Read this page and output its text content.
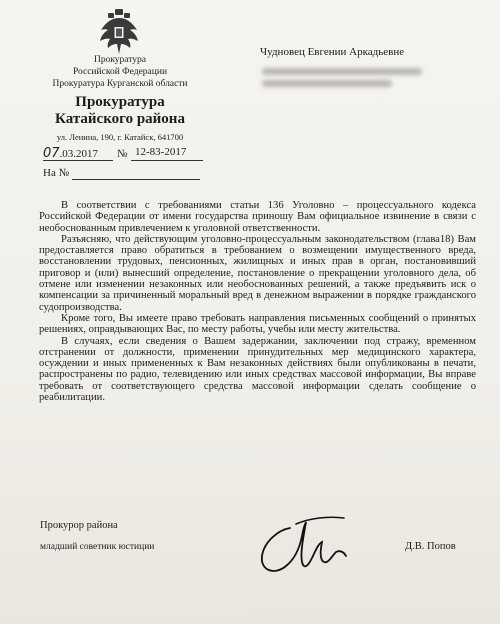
Прокуратура
Российской Федерации
Прокуратура Курганской области
Прокуратура
Катайского района
ул. Ленина, 190, г. Катайск, 641700
07.03.2017	№ 12-83-2017
На №
Чудновец Евгении Аркадьевне

В соответствии с требованиями статьи 136 Уголовно – процессуального кодекса Российской Федерации от имени государства приношу Вам официальное извинение в связи с необоснованным привлечением к уголовной ответственности.

Разъясняю, что действующим уголовно-процессуальным законодательством (глава18) Вам предоставляется право обратиться в требованием о возмещении имущественного вреда, восстановлении трудовых, пенсионных, жилищных и иных прав в орган, постановивший приговор и (или) вынесший определение, постановление о прекращении уголовного дела, об отмене или изменении незаконных или необоснованных решений, а также предъявить иск о компенсации за причиненный моральный вред в денежном выражении в порядке гражданского судопроизводства.

Кроме того, Вы имеете право требовать направления письменных сообщений о принятых решениях, оправдывающих Вас, по месту работы, учебы или месту жительства.

В случаях, если сведения о Вашем задержании, заключении под стражу, временном отстранении от должности, применении принудительных мер медицинского характера, осуждении и иных примененных к Вам незаконных действиях были опубликованы в печати, распространены по радио, телевидению или иных средствах массовой информации, Вы вправе требовать от соответствующего средства массовой информации сделать сообщение о реабилитации.

Прокурор района
младший советник юстиции	Д.В. Попов
